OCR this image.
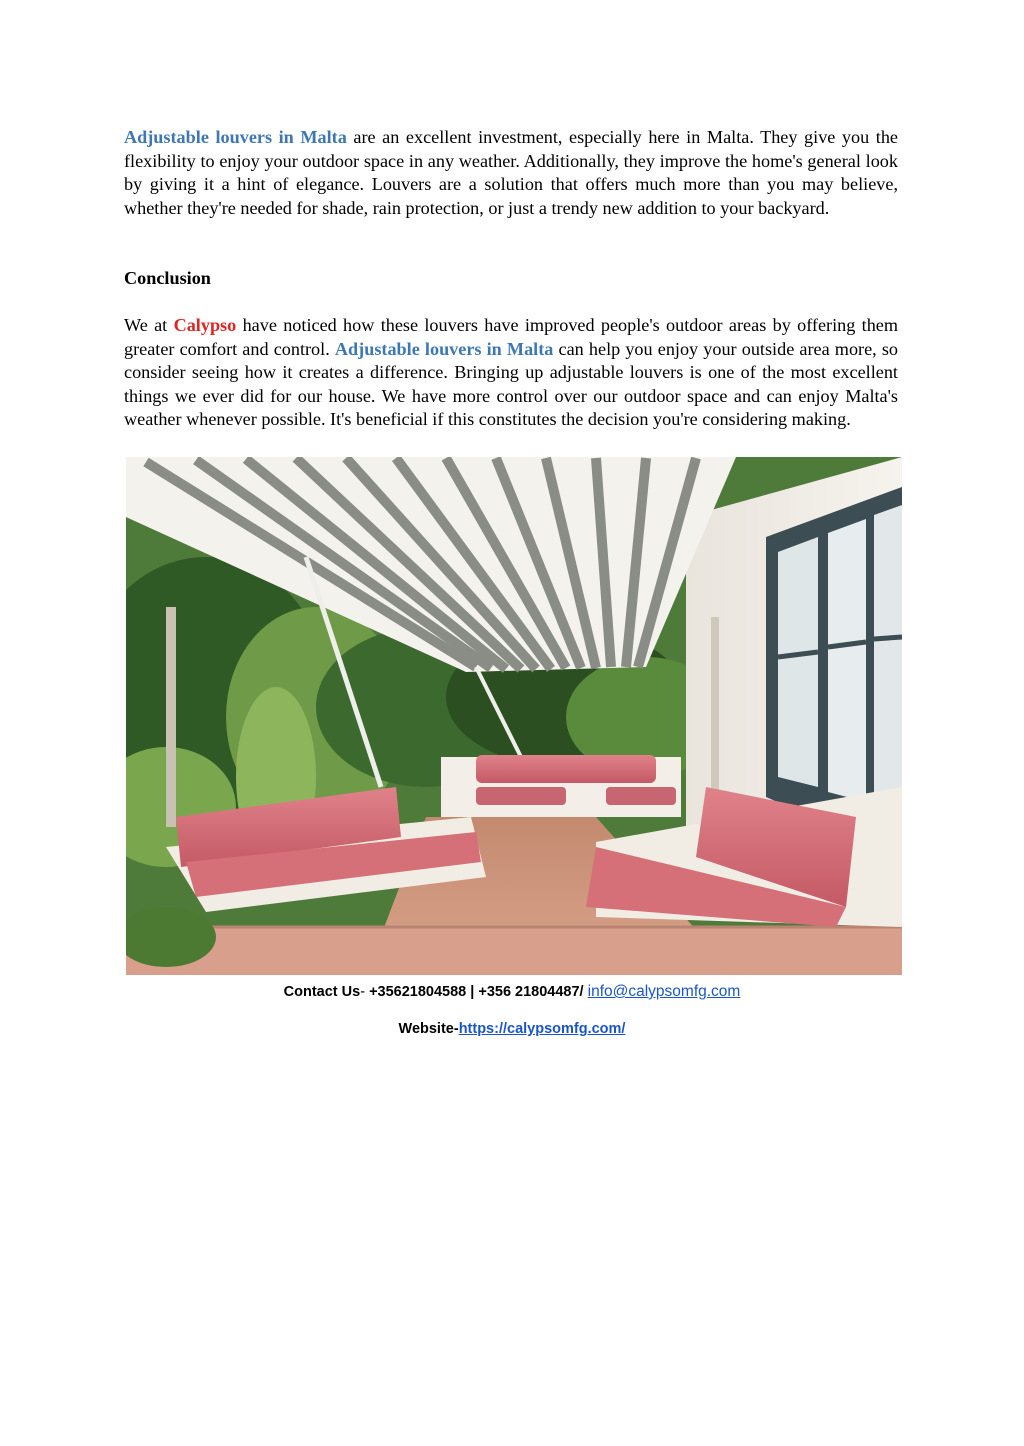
Adjustable louvers in Malta are an excellent investment, especially here in Malta. They give you the flexibility to enjoy your outdoor space in any weather. Additionally, they improve the home's general look by giving it a hint of elegance. Louvers are a solution that offers much more than you may believe, whether they're needed for shade, rain protection, or just a trendy new addition to your backyard.

Conclusion

We at Calypso have noticed how these louvers have improved people's outdoor areas by offering them greater comfort and control. Adjustable louvers in Malta can help you enjoy your outside area more, so consider seeing how it creates a difference. Bringing up adjustable louvers is one of the most excellent things we ever did for our house. We have more control over our outdoor space and can enjoy Malta's weather whenever possible. It's beneficial if this constitutes the decision you're considering making.

Contact Us- +35621804588 | +356 21804487/ info@calypsomfg.com
Website-https://calypsomfg.com/
